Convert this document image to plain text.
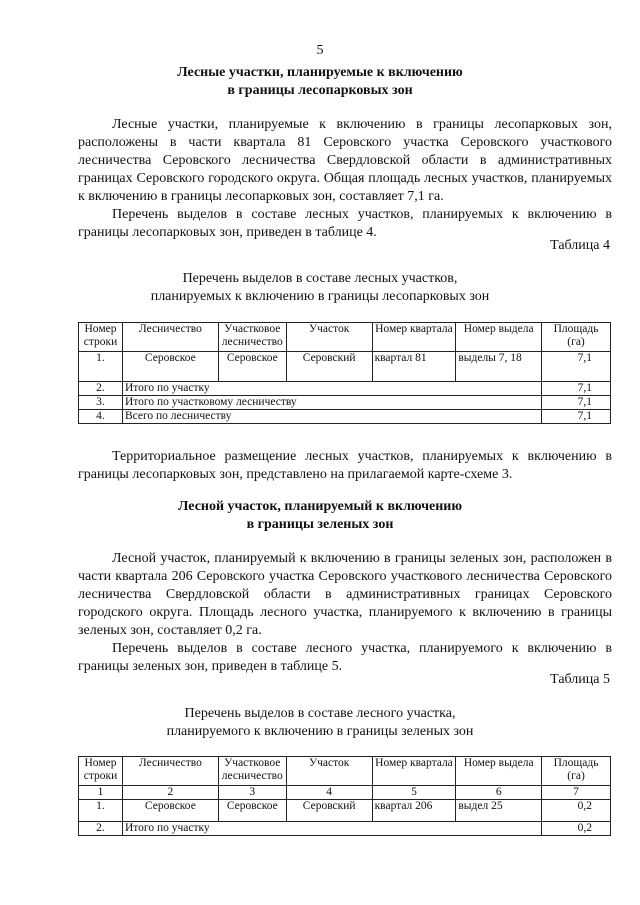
5
Лесные участки, планируемые к включению
в границы лесопарковых зон

Лесные участки, планируемые к включению в границы лесопарковых зон, расположены в части квартала 81 Серовского участка Серовского участкового лесничества Серовского лесничества Свердловской области в административных границах Серовского городского округа. Общая площадь лесных участков, планируемых к включению в границы лесопарковых зон, составляет 7,1 га.

Перечень выделов в составе лесных участков, планируемых к включению в границы лесопарковых зон, приведен в таблице 4.

Таблица 4
Перечень выделов в составе лесных участков,
планируемых к включению в границы лесопарковых зон
Номер строки	Лесничество	Участковое лесничество	Участок	Номер квартала	Номер выдела	Площадь (га)
1.	Серовское	Серовское	Серовский	квартал 81	выделы 7, 18	7,1
2.	Итого по участку					7,1
3.	Итого по участковому лесничеству					7,1
4.	Всего по лесничеству					7,1

Территориальное размещение лесных участков, планируемых к включению в границы лесопарковых зон, представлено на прилагаемой карте-схеме 3.

Лесной участок, планируемый к включению
в границы зеленых зон

Лесной участок, планируемый к включению в границы зеленых зон, расположен в части квартала 206 Серовского участка Серовского участкового лесничества Серовского лесничества Свердловской области в административных границах Серовского городского округа. Площадь лесного участка, планируемого к включению в границы зеленых зон, составляет 0,2 га.

Перечень выделов в составе лесного участка, планируемого к включению в границы зеленых зон, приведен в таблице 5.

Таблица 5
Перечень выделов в составе лесного участка,
планируемого к включению в границы зеленых зон
Номер строки	Лесничество	Участковое лесничество	Участок	Номер квартала	Номер выдела	Площадь (га)
1	2	3	4	5	6	7
1.	Серовское	Серовское	Серовский	квартал 206	выдел 25	0,2
2.	Итого по участку					0,2
